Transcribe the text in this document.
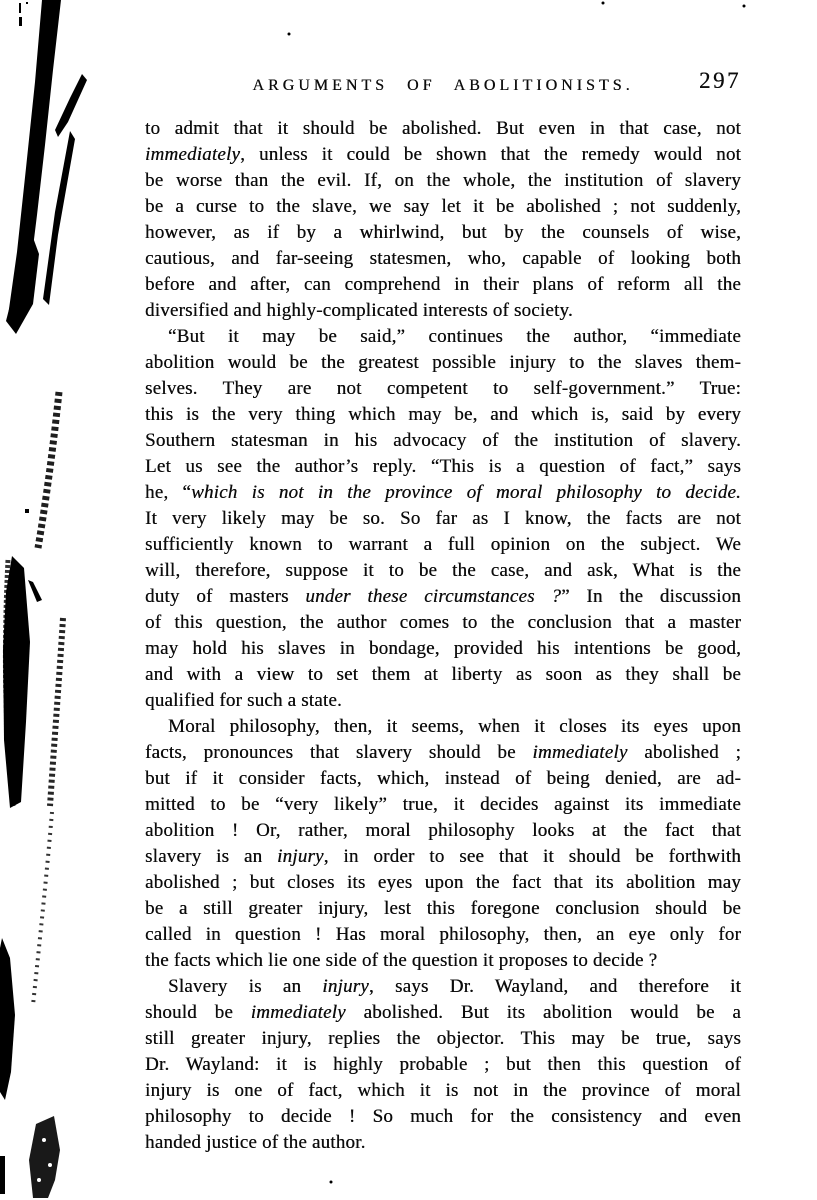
ARGUMENTS OF ABOLITIONISTS.	297
to admit that it should be abolished. But even in that case, not
immediately, unless it could be shown that the remedy would not
be worse than the evil. If, on the whole, the institution of slavery
be a curse to the slave, we say let it be abolished ; not suddenly,
however, as if by a whirlwind, but by the counsels of wise,
cautious, and far-seeing statesmen, who, capable of looking both
before and after, can comprehend in their plans of reform all the
diversified and highly-complicated interests of society.
“But it may be said,” continues the author, “immediate
abolition would be the greatest possible injury to the slaves them-
selves. They are not competent to self-government.” True:
this is the very thing which may be, and which is, said by every
Southern statesman in his advocacy of the institution of slavery.
Let us see the author’s reply. “This is a question of fact,” says
he, “which is not in the province of moral philosophy to decide.
It very likely may be so. So far as I know, the facts are not
sufficiently known to warrant a full opinion on the subject. We
will, therefore, suppose it to be the case, and ask, What is the
duty of masters under these circumstances ?” In the discussion
of this question, the author comes to the conclusion that a master
may hold his slaves in bondage, provided his intentions be good,
and with a view to set them at liberty as soon as they shall be
qualified for such a state.
Moral philosophy, then, it seems, when it closes its eyes upon
facts, pronounces that slavery should be immediately abolished ;
but if it consider facts, which, instead of being denied, are ad-
mitted to be “very likely” true, it decides against its immediate
abolition ! Or, rather, moral philosophy looks at the fact that
slavery is an injury, in order to see that it should be forthwith
abolished ; but closes its eyes upon the fact that its abolition may
be a still greater injury, lest this foregone conclusion should be
called in question ! Has moral philosophy, then, an eye only for
the facts which lie one side of the question it proposes to decide ?
Slavery is an injury, says Dr. Wayland, and therefore it
should be immediately abolished. But its abolition would be a
still greater injury, replies the objector. This may be true, says
Dr. Wayland: it is highly probable ; but then this question of
injury is one of fact, which it is not in the province of moral
philosophy to decide ! So much for the consistency and even
handed justice of the author.
